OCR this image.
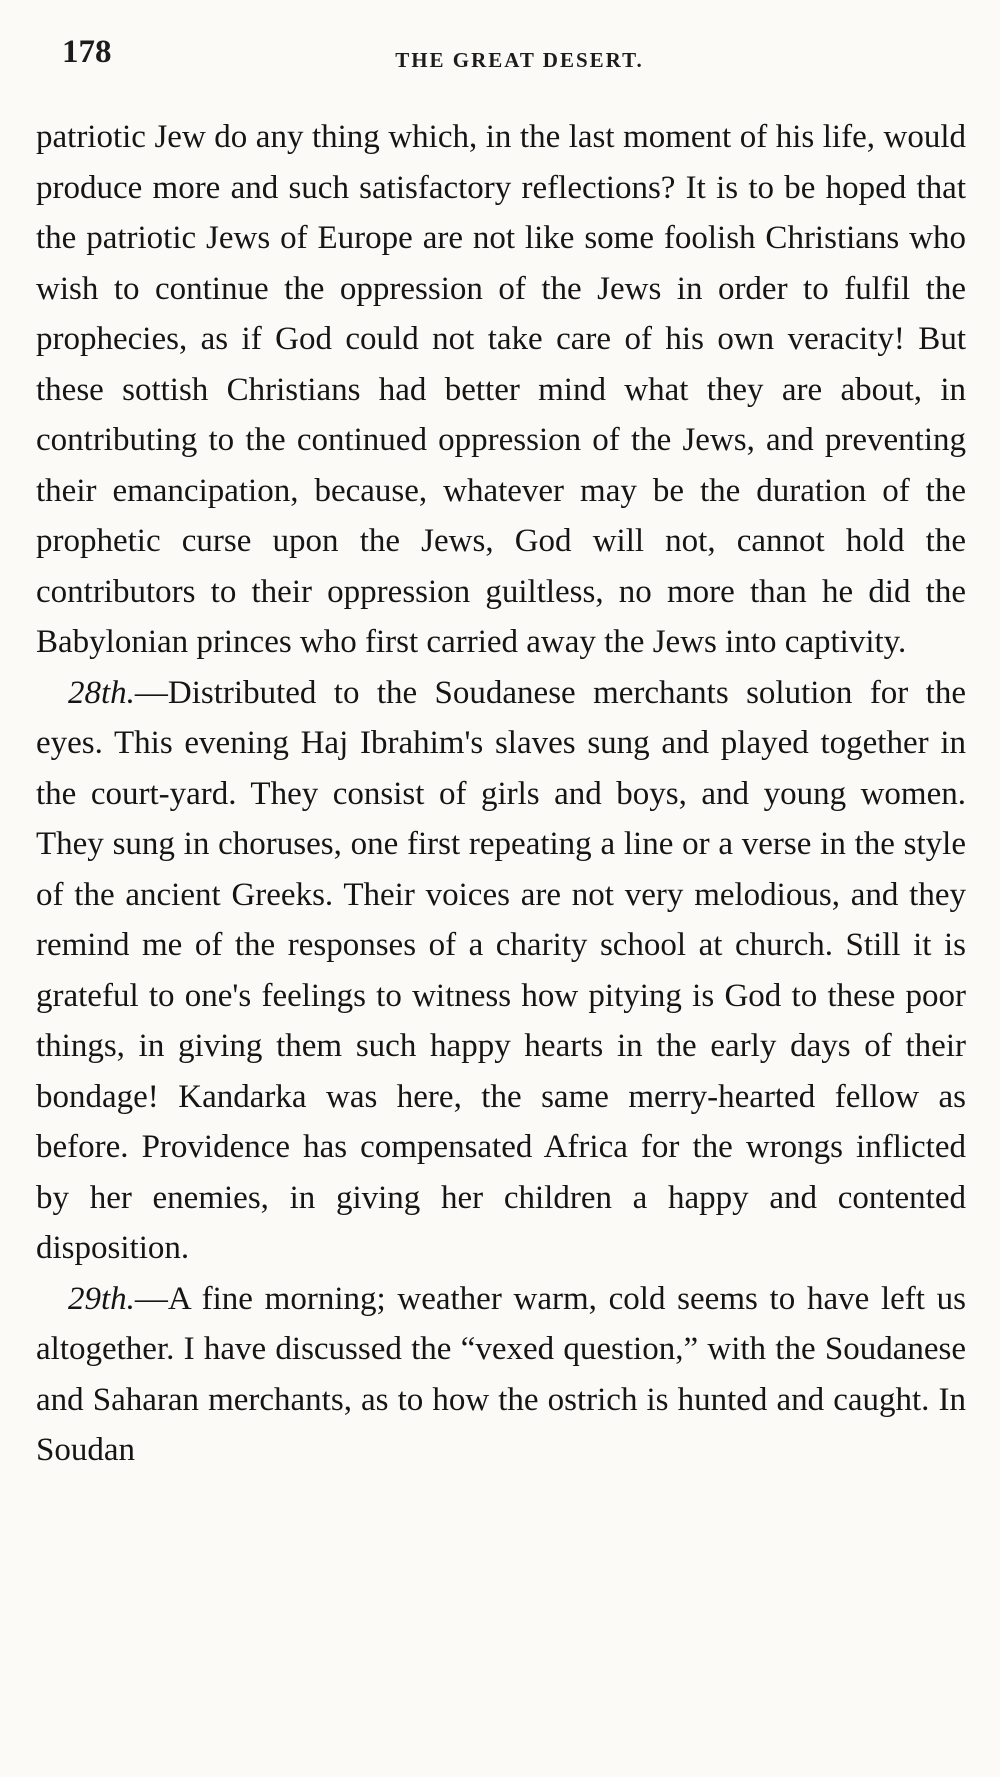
178	THE GREAT DESERT.

patriotic Jew do any thing which, in the last moment of his life, would produce more and such satisfactory reflections? It is to be hoped that the patriotic Jews of Europe are not like some foolish Christians who wish to continue the oppression of the Jews in order to fulfil the prophecies, as if God could not take care of his own veracity! But these sottish Christians had better mind what they are about, in contributing to the continued oppression of the Jews, and preventing their emancipation, because, whatever may be the duration of the prophetic curse upon the Jews, God will not, cannot hold the contributors to their oppression guiltless, no more than he did the Babylonian princes who first carried away the Jews into captivity.

28th.—Distributed to the Soudanese merchants solution for the eyes. This evening Haj Ibrahim's slaves sung and played together in the court-yard. They consist of girls and boys, and young women. They sung in choruses, one first repeating a line or a verse in the style of the ancient Greeks. Their voices are not very melodious, and they remind me of the responses of a charity school at church. Still it is grateful to one's feelings to witness how pitying is God to these poor things, in giving them such happy hearts in the early days of their bondage! Kandarka was here, the same merry-hearted fellow as before. Providence has compensated Africa for the wrongs inflicted by her enemies, in giving her children a happy and contented disposition.

29th.—A fine morning; weather warm, cold seems to have left us altogether. I have discussed the “vexed question,” with the Soudanese and Saharan merchants, as to how the ostrich is hunted and caught. In Soudan
